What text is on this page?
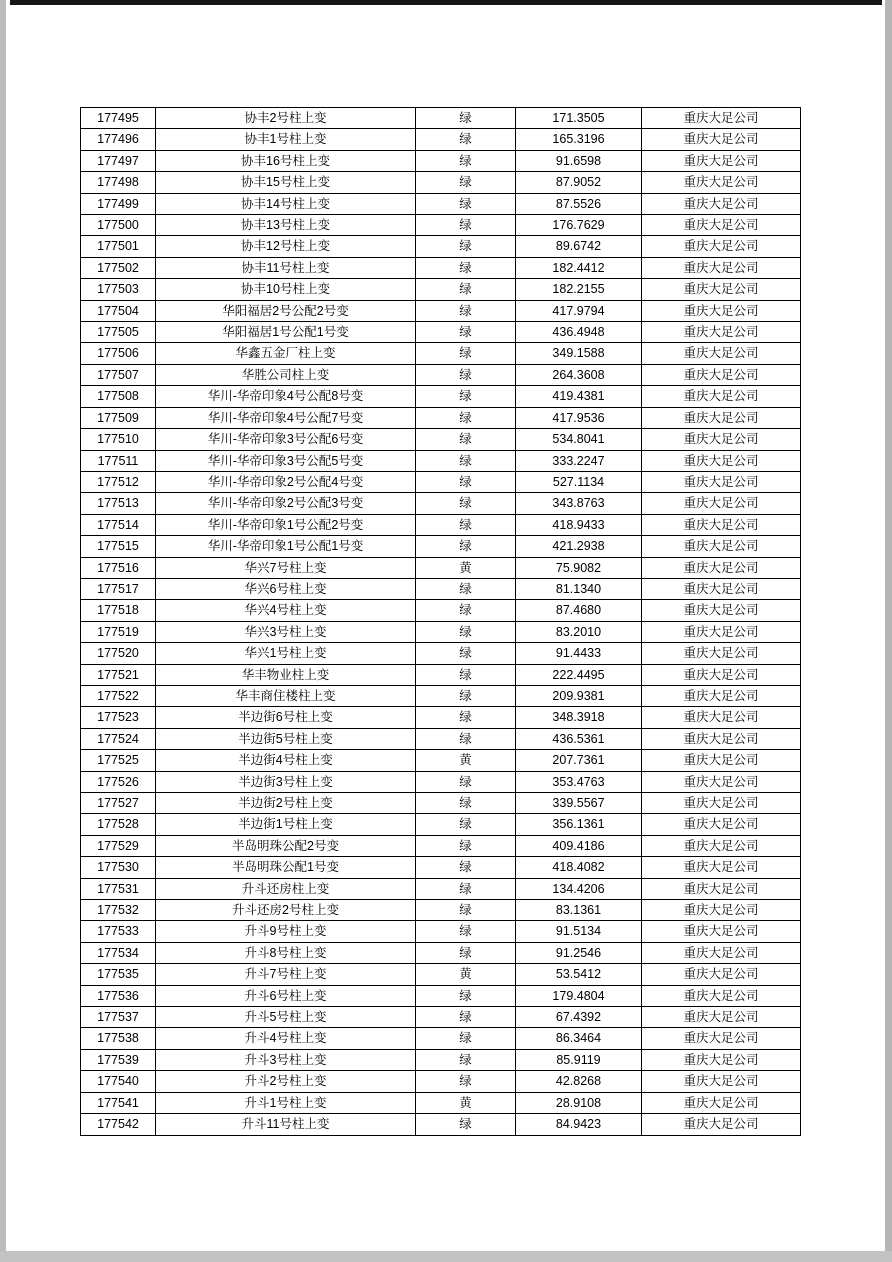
177495	协丰2号柱上变	绿	171.3505	重庆大足公司
177496	协丰1号柱上变	绿	165.3196	重庆大足公司
177497	协丰16号柱上变	绿	91.6598	重庆大足公司
177498	协丰15号柱上变	绿	87.9052	重庆大足公司
177499	协丰14号柱上变	绿	87.5526	重庆大足公司
177500	协丰13号柱上变	绿	176.7629	重庆大足公司
177501	协丰12号柱上变	绿	89.6742	重庆大足公司
177502	协丰11号柱上变	绿	182.4412	重庆大足公司
177503	协丰10号柱上变	绿	182.2155	重庆大足公司
177504	华阳福居2号公配2号变	绿	417.9794	重庆大足公司
177505	华阳福居1号公配1号变	绿	436.4948	重庆大足公司
177506	华鑫五金厂柱上变	绿	349.1588	重庆大足公司
177507	华胜公司柱上变	绿	264.3608	重庆大足公司
177508	华川-华帝印象4号公配8号变	绿	419.4381	重庆大足公司
177509	华川-华帝印象4号公配7号变	绿	417.9536	重庆大足公司
177510	华川-华帝印象3号公配6号变	绿	534.8041	重庆大足公司
177511	华川-华帝印象3号公配5号变	绿	333.2247	重庆大足公司
177512	华川-华帝印象2号公配4号变	绿	527.1134	重庆大足公司
177513	华川-华帝印象2号公配3号变	绿	343.8763	重庆大足公司
177514	华川-华帝印象1号公配2号变	绿	418.9433	重庆大足公司
177515	华川-华帝印象1号公配1号变	绿	421.2938	重庆大足公司
177516	华兴7号柱上变	黄	75.9082	重庆大足公司
177517	华兴6号柱上变	绿	81.1340	重庆大足公司
177518	华兴4号柱上变	绿	87.4680	重庆大足公司
177519	华兴3号柱上变	绿	83.2010	重庆大足公司
177520	华兴1号柱上变	绿	91.4433	重庆大足公司
177521	华丰物业柱上变	绿	222.4495	重庆大足公司
177522	华丰商住楼柱上变	绿	209.9381	重庆大足公司
177523	半边街6号柱上变	绿	348.3918	重庆大足公司
177524	半边街5号柱上变	绿	436.5361	重庆大足公司
177525	半边街4号柱上变	黄	207.7361	重庆大足公司
177526	半边街3号柱上变	绿	353.4763	重庆大足公司
177527	半边街2号柱上变	绿	339.5567	重庆大足公司
177528	半边街1号柱上变	绿	356.1361	重庆大足公司
177529	半岛明珠公配2号变	绿	409.4186	重庆大足公司
177530	半岛明珠公配1号变	绿	418.4082	重庆大足公司
177531	升斗还房柱上变	绿	134.4206	重庆大足公司
177532	升斗还房2号柱上变	绿	83.1361	重庆大足公司
177533	升斗9号柱上变	绿	91.5134	重庆大足公司
177534	升斗8号柱上变	绿	91.2546	重庆大足公司
177535	升斗7号柱上变	黄	53.5412	重庆大足公司
177536	升斗6号柱上变	绿	179.4804	重庆大足公司
177537	升斗5号柱上变	绿	67.4392	重庆大足公司
177538	升斗4号柱上变	绿	86.3464	重庆大足公司
177539	升斗3号柱上变	绿	85.9119	重庆大足公司
177540	升斗2号柱上变	绿	42.8268	重庆大足公司
177541	升斗1号柱上变	黄	28.9108	重庆大足公司
177542	升斗11号柱上变	绿	84.9423	重庆大足公司
